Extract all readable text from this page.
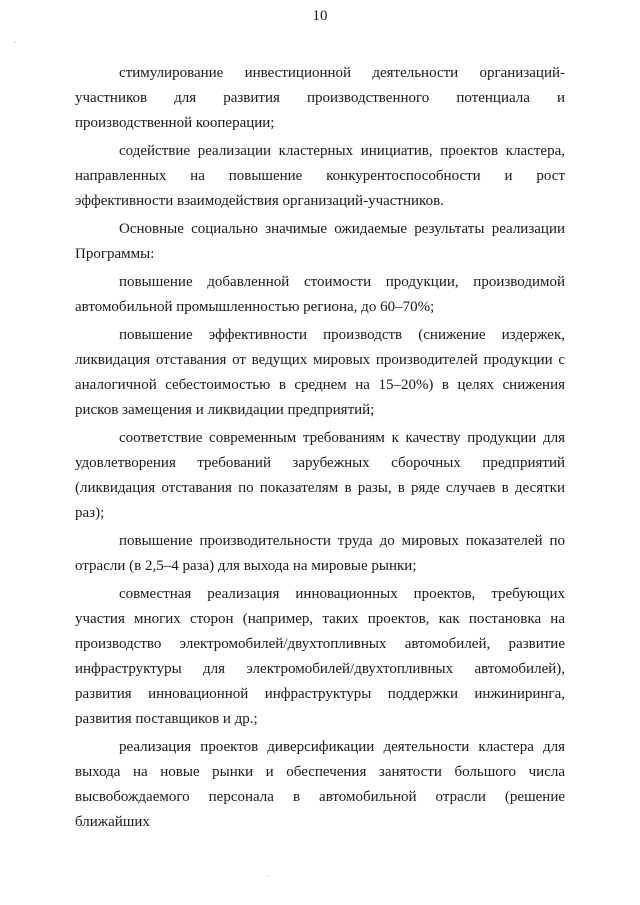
10
.

стимулирование инвестиционной деятельности организаций-участников для развития производственного потенциала и производственной кооперации;

содействие реализации кластерных инициатив, проектов кластера, направленных на повышение конкурентоспособности и рост эффективности взаимодействия организаций-участников.

Основные социально значимые ожидаемые результаты реализации Программы:

повышение добавленной стоимости продукции, производимой автомобильной промышленностью региона, до 60–70%;

повышение эффективности производств (снижение издержек, ликвидация отставания от ведущих мировых производителей продукции с аналогичной себестоимостью в среднем на 15–20%) в целях снижения рисков замещения и ликвидации предприятий;

соответствие современным требованиям к качеству продукции для удовлетворения требований зарубежных сборочных предприятий (ликвидация отставания по показателям в разы, в ряде случаев в десятки раз);

повышение производительности труда до мировых показателей по отрасли (в 2,5–4 раза) для выхода на мировые рынки;

совместная реализация инновационных проектов, требующих участия многих сторон (например, таких проектов, как постановка на производство электромобилей/двухтопливных автомобилей, развитие инфраструктуры для электромобилей/двухтопливных автомобилей), развития инновационной инфраструктуры поддержки инжиниринга, развития поставщиков и др.;

реализация проектов диверсификации деятельности кластера для выхода на новые рынки и обеспечения занятости большого числа высвобождаемого персонала в автомобильной отрасли (решение ближайших

.
